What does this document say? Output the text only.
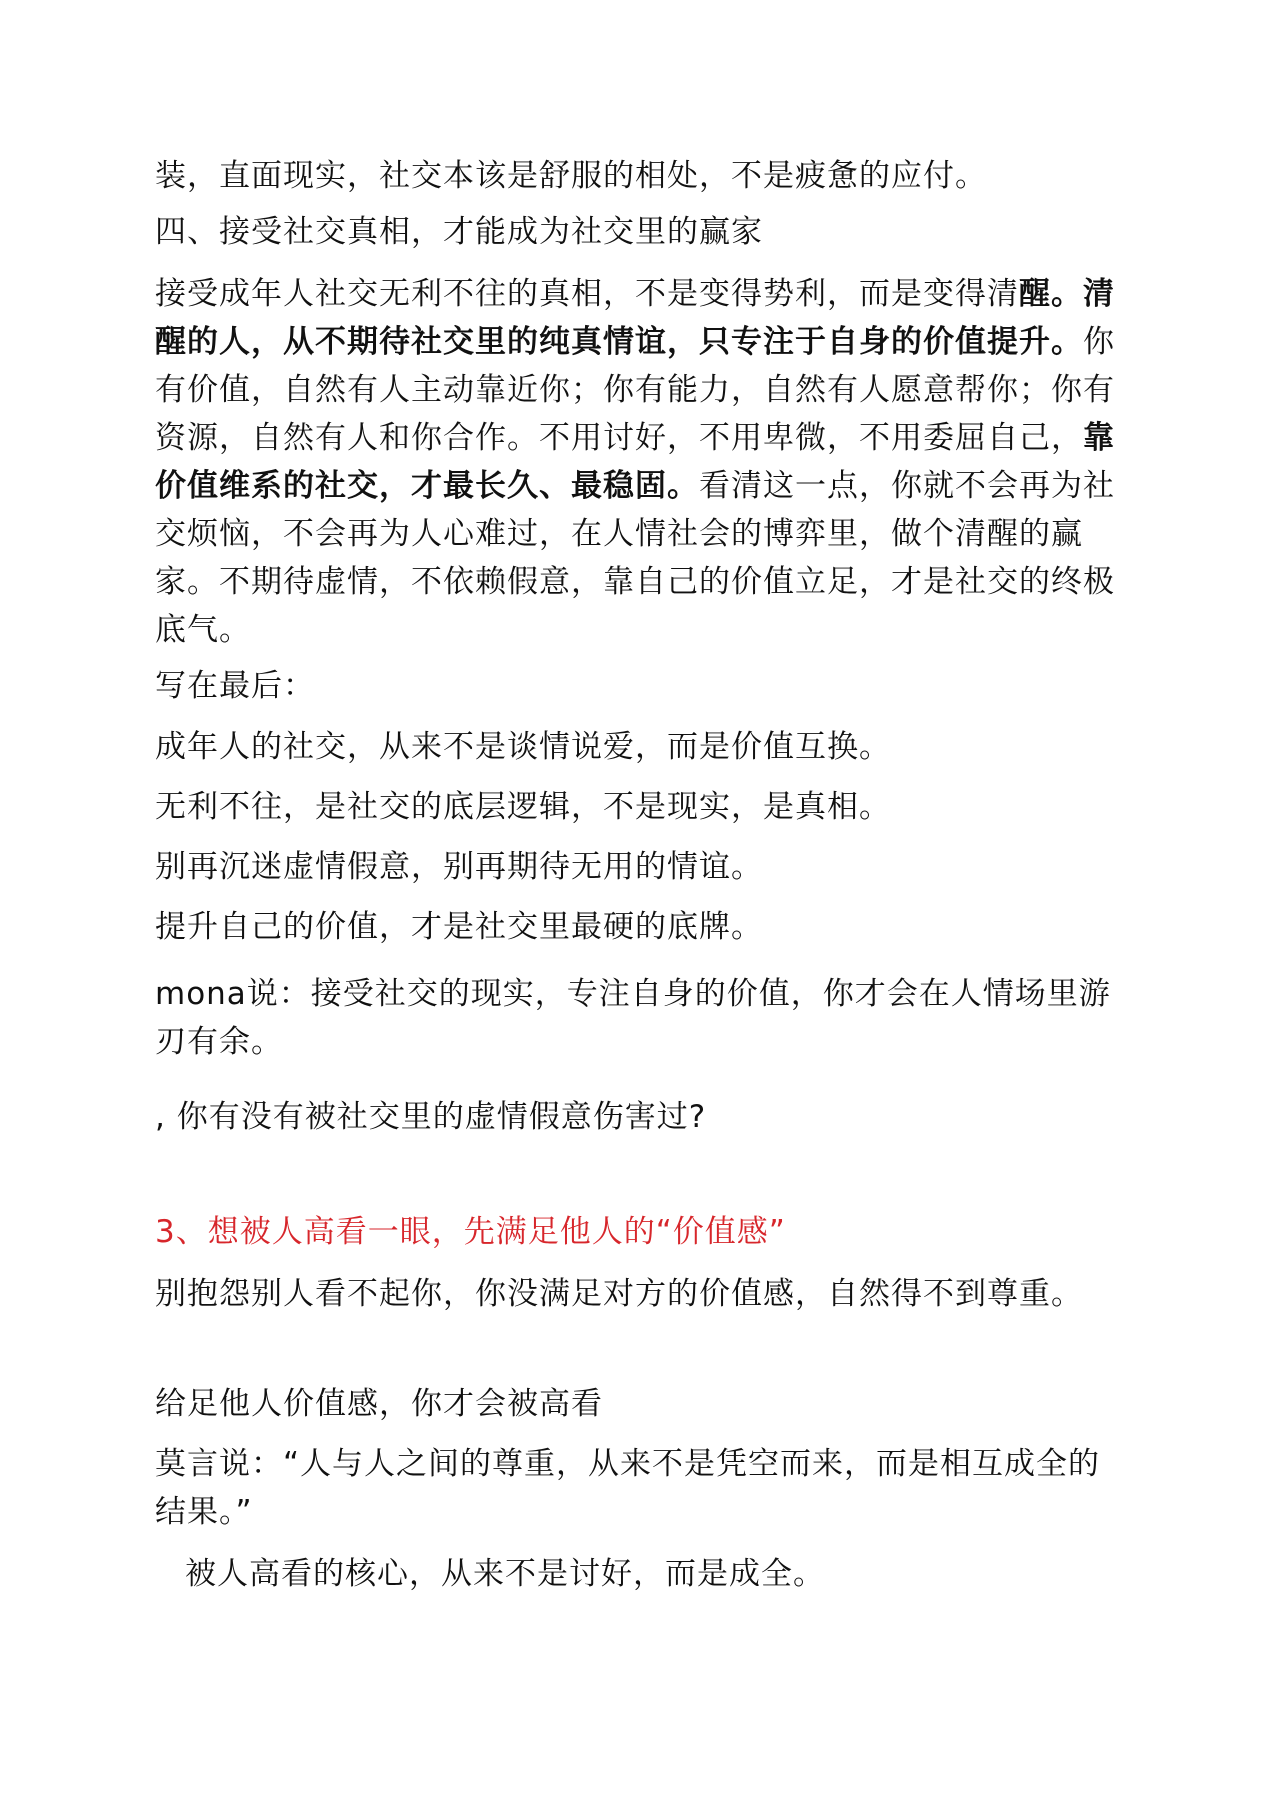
装，直面现实，社交本该是舒服的相处，不是疲惫的应付。

四、接受社交真相，才能成为社交里的赢家

接受成年人社交无利不往的真相，不是变得势利，而是变得清醒。清醒的人，从不期待社交里的纯真情谊，只专注于自身的价值提升。你有价值，自然有人主动靠近你；你有能力，自然有人愿意帮你；你有资源，自然有人和你合作。不用讨好，不用卑微，不用委屈自己，靠价值维系的社交，才最长久、最稳固。看清这一点，你就不会再为社交烦恼，不会再为人心难过，在人情社会的博弈里，做个清醒的赢家。不期待虚情，不依赖假意，靠自己的价值立足，才是社交的终极底气。

写在最后：

成年人的社交，从来不是谈情说爱，而是价值互换。

无利不往，是社交的底层逻辑，不是现实，是真相。

别再沉迷虚情假意，别再期待无用的情谊。

提升自己的价值，才是社交里最硬的底牌。

mona说：接受社交的现实，专注自身的价值，你才会在人情场里游刃有余。

, 你有没有被社交里的虚情假意伤害过?

3、想被人高看一眼，先满足他人的“价值感”

别抱怨别人看不起你，你没满足对方的价值感，自然得不到尊重。

给足他人价值感，你才会被高看

莫言说：“人与人之间的尊重，从来不是凭空而来，而是相互成全的结果。”

被人高看的核心，从来不是讨好，而是成全。
